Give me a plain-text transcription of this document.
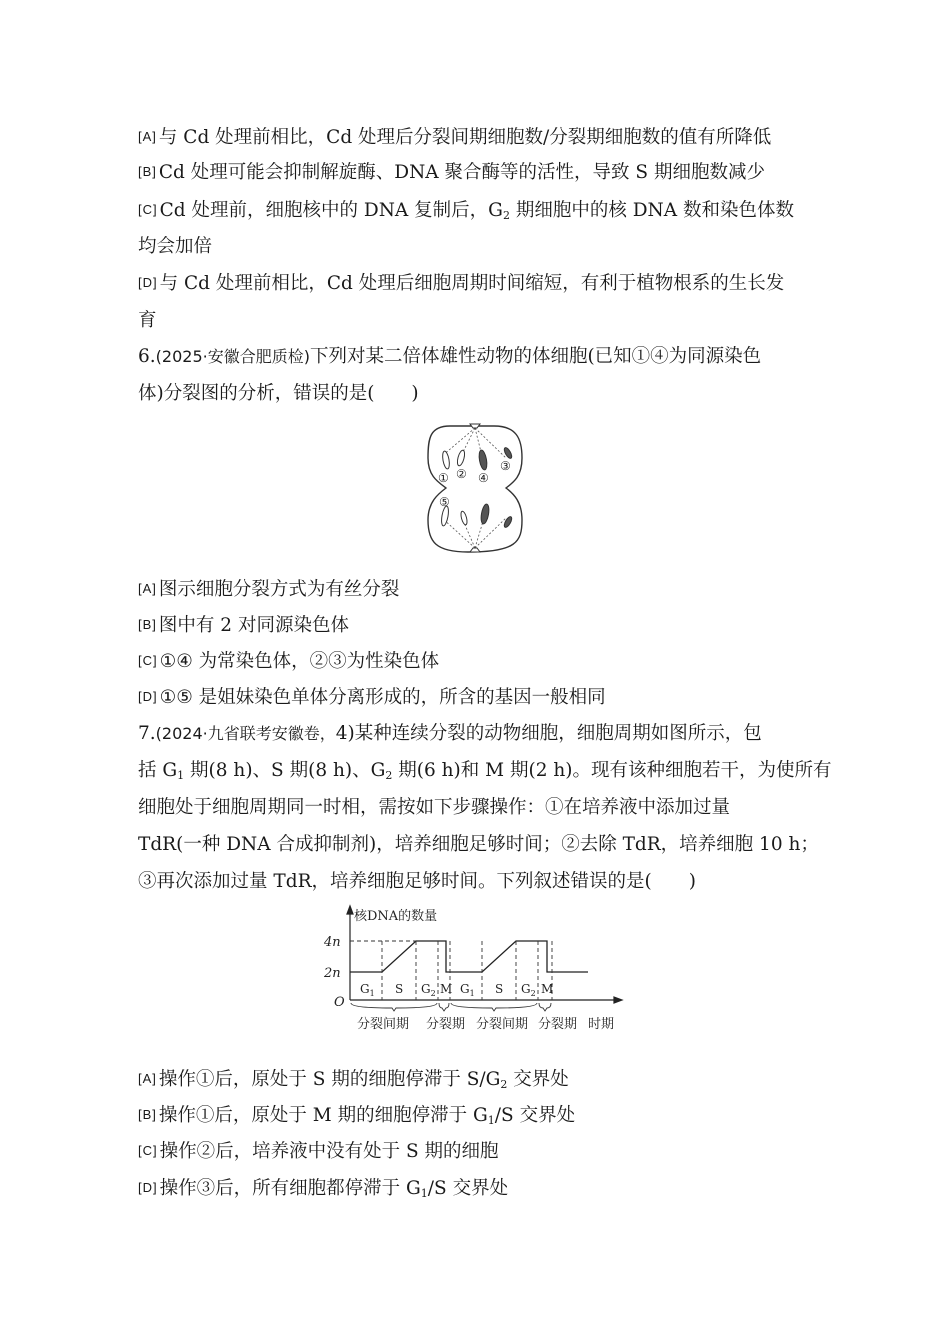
[A] 与 Cd 处理前相比，Cd 处理后分裂间期细胞数/分裂期细胞数的值有所降低
[B] Cd 处理可能会抑制解旋酶、DNA 聚合酶等的活性，导致 S 期细胞数减少
[C] Cd 处理前，细胞核中的 DNA 复制后，$G_2$ 期细胞中的核 DNA 数和染色体数
均会加倍
[D] 与 Cd 处理前相比，Cd 处理后细胞周期时间缩短，有利于植物根系的生长发
育
6.(2025·安徽合肥质检)下列对某二倍体雄性动物的体细胞(已知①④为同源染色
体)分裂图的分析，错误的是(　　)
① ② ④
③
⑤
[A] 图示细胞分裂方式为有丝分裂
[B] 图中有 2 对同源染色体
[C] ①④ 为常染色体，②③为性染色体
[D] ①⑤ 是姐妹染色单体分离形成的，所含的基因一般相同
7.(2024·九省联考安徽卷，4)某种连续分裂的动物细胞，细胞周期如图所示，包
括 $G_1$ 期(8 h)、S 期(8 h)、$G_2$ 期(6 h)和 M 期(2 h)。现有该种细胞若干，为使所有
细胞处于细胞周期同一时相，需按如下步骤操作：①在培养液中添加过量
TdR(一种 DNA 合成抑制剂)，培养细胞足够时间；②去除 TdR，培养细胞 10 h；
③再次添加过量 TdR，培养细胞足够时间。下列叙述错误的是(　　)
核DNA的数量
4n
2n
O
时期
$G_1$ S $G_2$ M $G_1$ S $G_2$ M
分裂间期 分裂期 分裂间期 分裂期
[A] 操作①后，原处于 S 期的细胞停滞于 $S/G_2$ 交界处
[B] 操作①后，原处于 M 期的细胞停滞于 $G_1/S$ 交界处
[C] 操作②后，培养液中没有处于 S 期的细胞
[D] 操作③后，所有细胞都停滞于 $G_1/S$ 交界处
